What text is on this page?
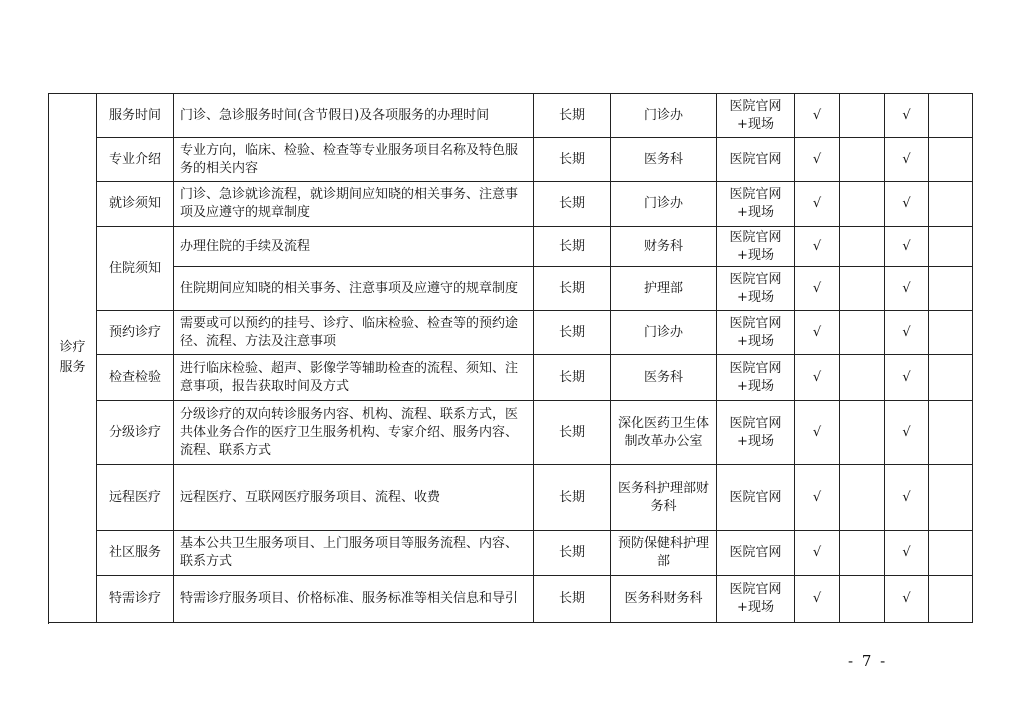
诊疗服务	服务时间	门诊、急诊服务时间(含节假日)及各项服务的办理时间	长期	门诊办	医院官网+现场	√		√	
	专业介绍	专业方向，临床、检验、检查等专业服务项目名称及特色服务的相关内容	长期	医务科	医院官网	√		√	
	就诊须知	门诊、急诊就诊流程，就诊期间应知晓的相关事务、注意事项及应遵守的规章制度	长期	门诊办	医院官网+现场	√		√	
	住院须知	办理住院的手续及流程	长期	财务科	医院官网+现场	√		√	
		住院期间应知晓的相关事务、注意事项及应遵守的规章制度	长期	护理部	医院官网+现场	√		√	
	预约诊疗	需要或可以预约的挂号、诊疗、临床检验、检查等的预约途径、流程、方法及注意事项	长期	门诊办	医院官网+现场	√		√	
	检查检验	进行临床检验、超声、影像学等辅助检查的流程、须知、注意事项，报告获取时间及方式	长期	医务科	医院官网+现场	√		√	
	分级诊疗	分级诊疗的双向转诊服务内容、机构、流程、联系方式，医共体业务合作的医疗卫生服务机构、专家介绍、服务内容、流程、联系方式	长期	深化医药卫生体制改革办公室	医院官网+现场	√		√	
	远程医疗	远程医疗、互联网医疗服务项目、流程、收费	长期	医务科护理部财务科	医院官网	√		√	
	社区服务	基本公共卫生服务项目、上门服务项目等服务流程、内容、联系方式	长期	预防保健科护理部	医院官网	√		√	
	特需诊疗	特需诊疗服务项目、价格标准、服务标准等相关信息和导引	长期	医务科财务科	医院官网+现场	√		√	

- 7 -
